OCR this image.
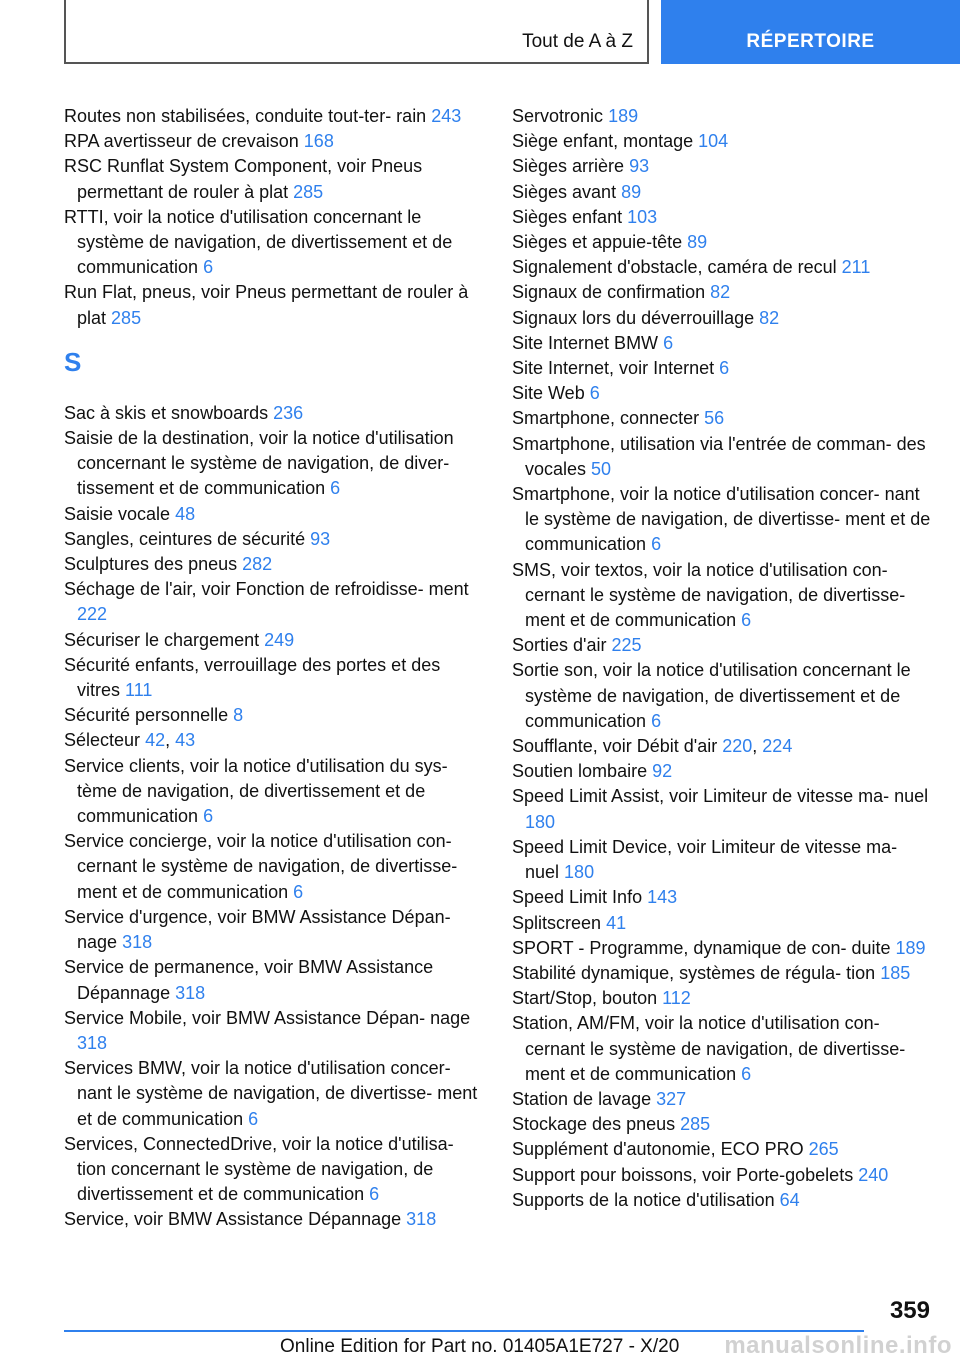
Tout de A à Z	RÉPERTOIRE
Routes non stabilisées, conduite tout-ter‐ rain 243
RPA avertisseur de crevaison 168
RSC Runflat System Component, voir Pneus permettant de rouler à plat 285
RTTI, voir la notice d'utilisation concernant le système de navigation, de divertissement et de communication 6
Run Flat, pneus, voir Pneus permettant de rouler à plat 285
S
Sac à skis et snowboards 236
Saisie de la destination, voir la notice d'utilisation concernant le système de navigation, de diver‐ tissement et de communication 6
Saisie vocale 48
Sangles, ceintures de sécurité 93
Sculptures des pneus 282
Séchage de l'air, voir Fonction de refroidisse‐ ment 222
Sécuriser le chargement 249
Sécurité enfants, verrouillage des portes et des vitres 111
Sécurité personnelle 8
Sélecteur 42, 43
Service clients, voir la notice d'utilisation du sys‐ tème de navigation, de divertissement et de communication 6
Service concierge, voir la notice d'utilisation con‐ cernant le système de navigation, de divertisse‐ ment et de communication 6
Service d'urgence, voir BMW Assistance Dépan‐ nage 318
Service de permanence, voir BMW Assistance Dépannage 318
Service Mobile, voir BMW Assistance Dépan‐ nage 318
Services BMW, voir la notice d'utilisation concer‐ nant le système de navigation, de divertisse‐ ment et de communication 6
Services, ConnectedDrive, voir la notice d'utilisa‐ tion concernant le système de navigation, de divertissement et de communication 6
Service, voir BMW Assistance Dépannage 318
Servotronic 189
Siège enfant, montage 104
Sièges arrière 93
Sièges avant 89
Sièges enfant 103
Sièges et appuie-tête 89
Signalement d'obstacle, caméra de recul 211
Signaux de confirmation 82
Signaux lors du déverrouillage 82
Site Internet BMW 6
Site Internet, voir Internet 6
Site Web 6
Smartphone, connecter 56
Smartphone, utilisation via l'entrée de comman‐ des vocales 50
Smartphone, voir la notice d'utilisation concer‐ nant le système de navigation, de divertisse‐ ment et de communication 6
SMS, voir textos, voir la notice d'utilisation con‐ cernant le système de navigation, de divertisse‐ ment et de communication 6
Sorties d'air 225
Sortie son, voir la notice d'utilisation concernant le système de navigation, de divertissement et de communication 6
Soufflante, voir Débit d'air 220, 224
Soutien lombaire 92
Speed Limit Assist, voir Limiteur de vitesse ma‐ nuel 180
Speed Limit Device, voir Limiteur de vitesse ma‐ nuel 180
Speed Limit Info 143
Splitscreen 41
SPORT - Programme, dynamique de con‐ duite 189
Stabilité dynamique, systèmes de régula‐ tion 185
Start/Stop, bouton 112
Station, AM/FM, voir la notice d'utilisation con‐ cernant le système de navigation, de divertisse‐ ment et de communication 6
Station de lavage 327
Stockage des pneus 285
Supplément d'autonomie, ECO PRO 265
Support pour boissons, voir Porte-gobelets 240
Supports de la notice d'utilisation 64
359
Online Edition for Part no. 01405A1E727 - X/20 manualsonline.info
